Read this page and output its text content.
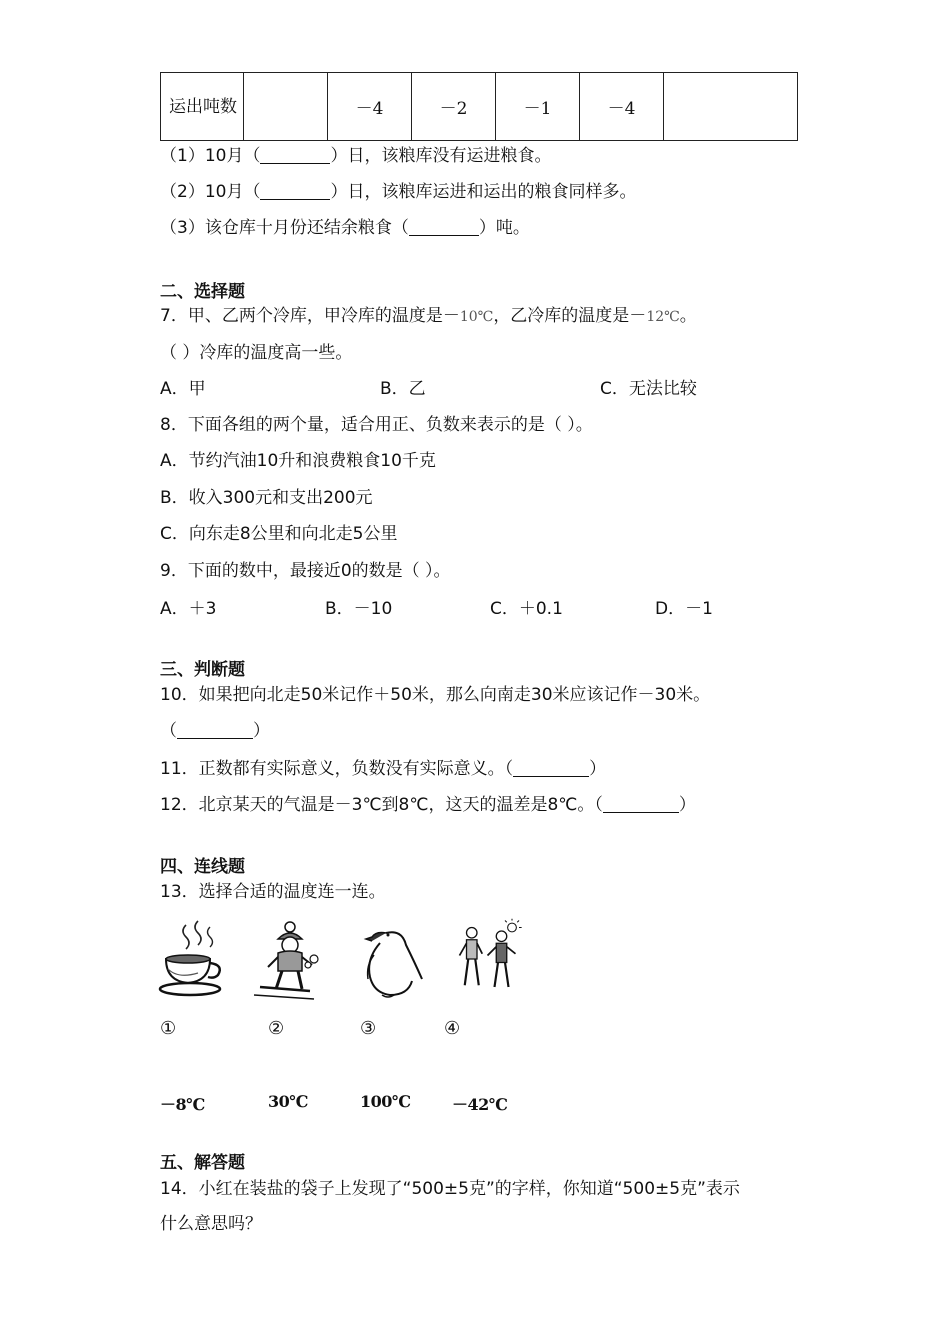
运出吨数		－4	－2	－1	－4	
（1）10月（	）日，该粮库没有运进粮食。
（2）10月（	）日，该粮库运进和运出的粮食同样多。
（3）该仓库十月份还结余粮食（	）吨。
二、选择题
7．甲、乙两个冷库，甲冷库的温度是－10℃，乙冷库的温度是－12℃。
（ ）冷库的温度高一些。
A．甲	B．乙	C．无法比较
8．下面各组的两个量，适合用正、负数来表示的是（ ）。
A．节约汽油10升和浪费粮食10千克
B．收入300元和支出200元
C．向东走8公里和向北走5公里
9．下面的数中，最接近0的数是（ ）。
A．＋3	B．－10	C．＋0.1	D．－1
三、判断题
10．如果把向北走50米记作＋50米，那么向南走30米应该记作－30米。
（	）
11．正数都有实际意义，负数没有实际意义。（	）
12．北京某天的气温是－3℃到8℃，这天的温差是8℃。（	）
四、连线题
13．选择合适的温度连一连。
①	②	③	④
－8℃	30℃	100℃	－42℃
五、解答题
14．小红在装盐的袋子上发现了“500±5克”的字样，你知道“500±5克”表示
什么意思吗？
